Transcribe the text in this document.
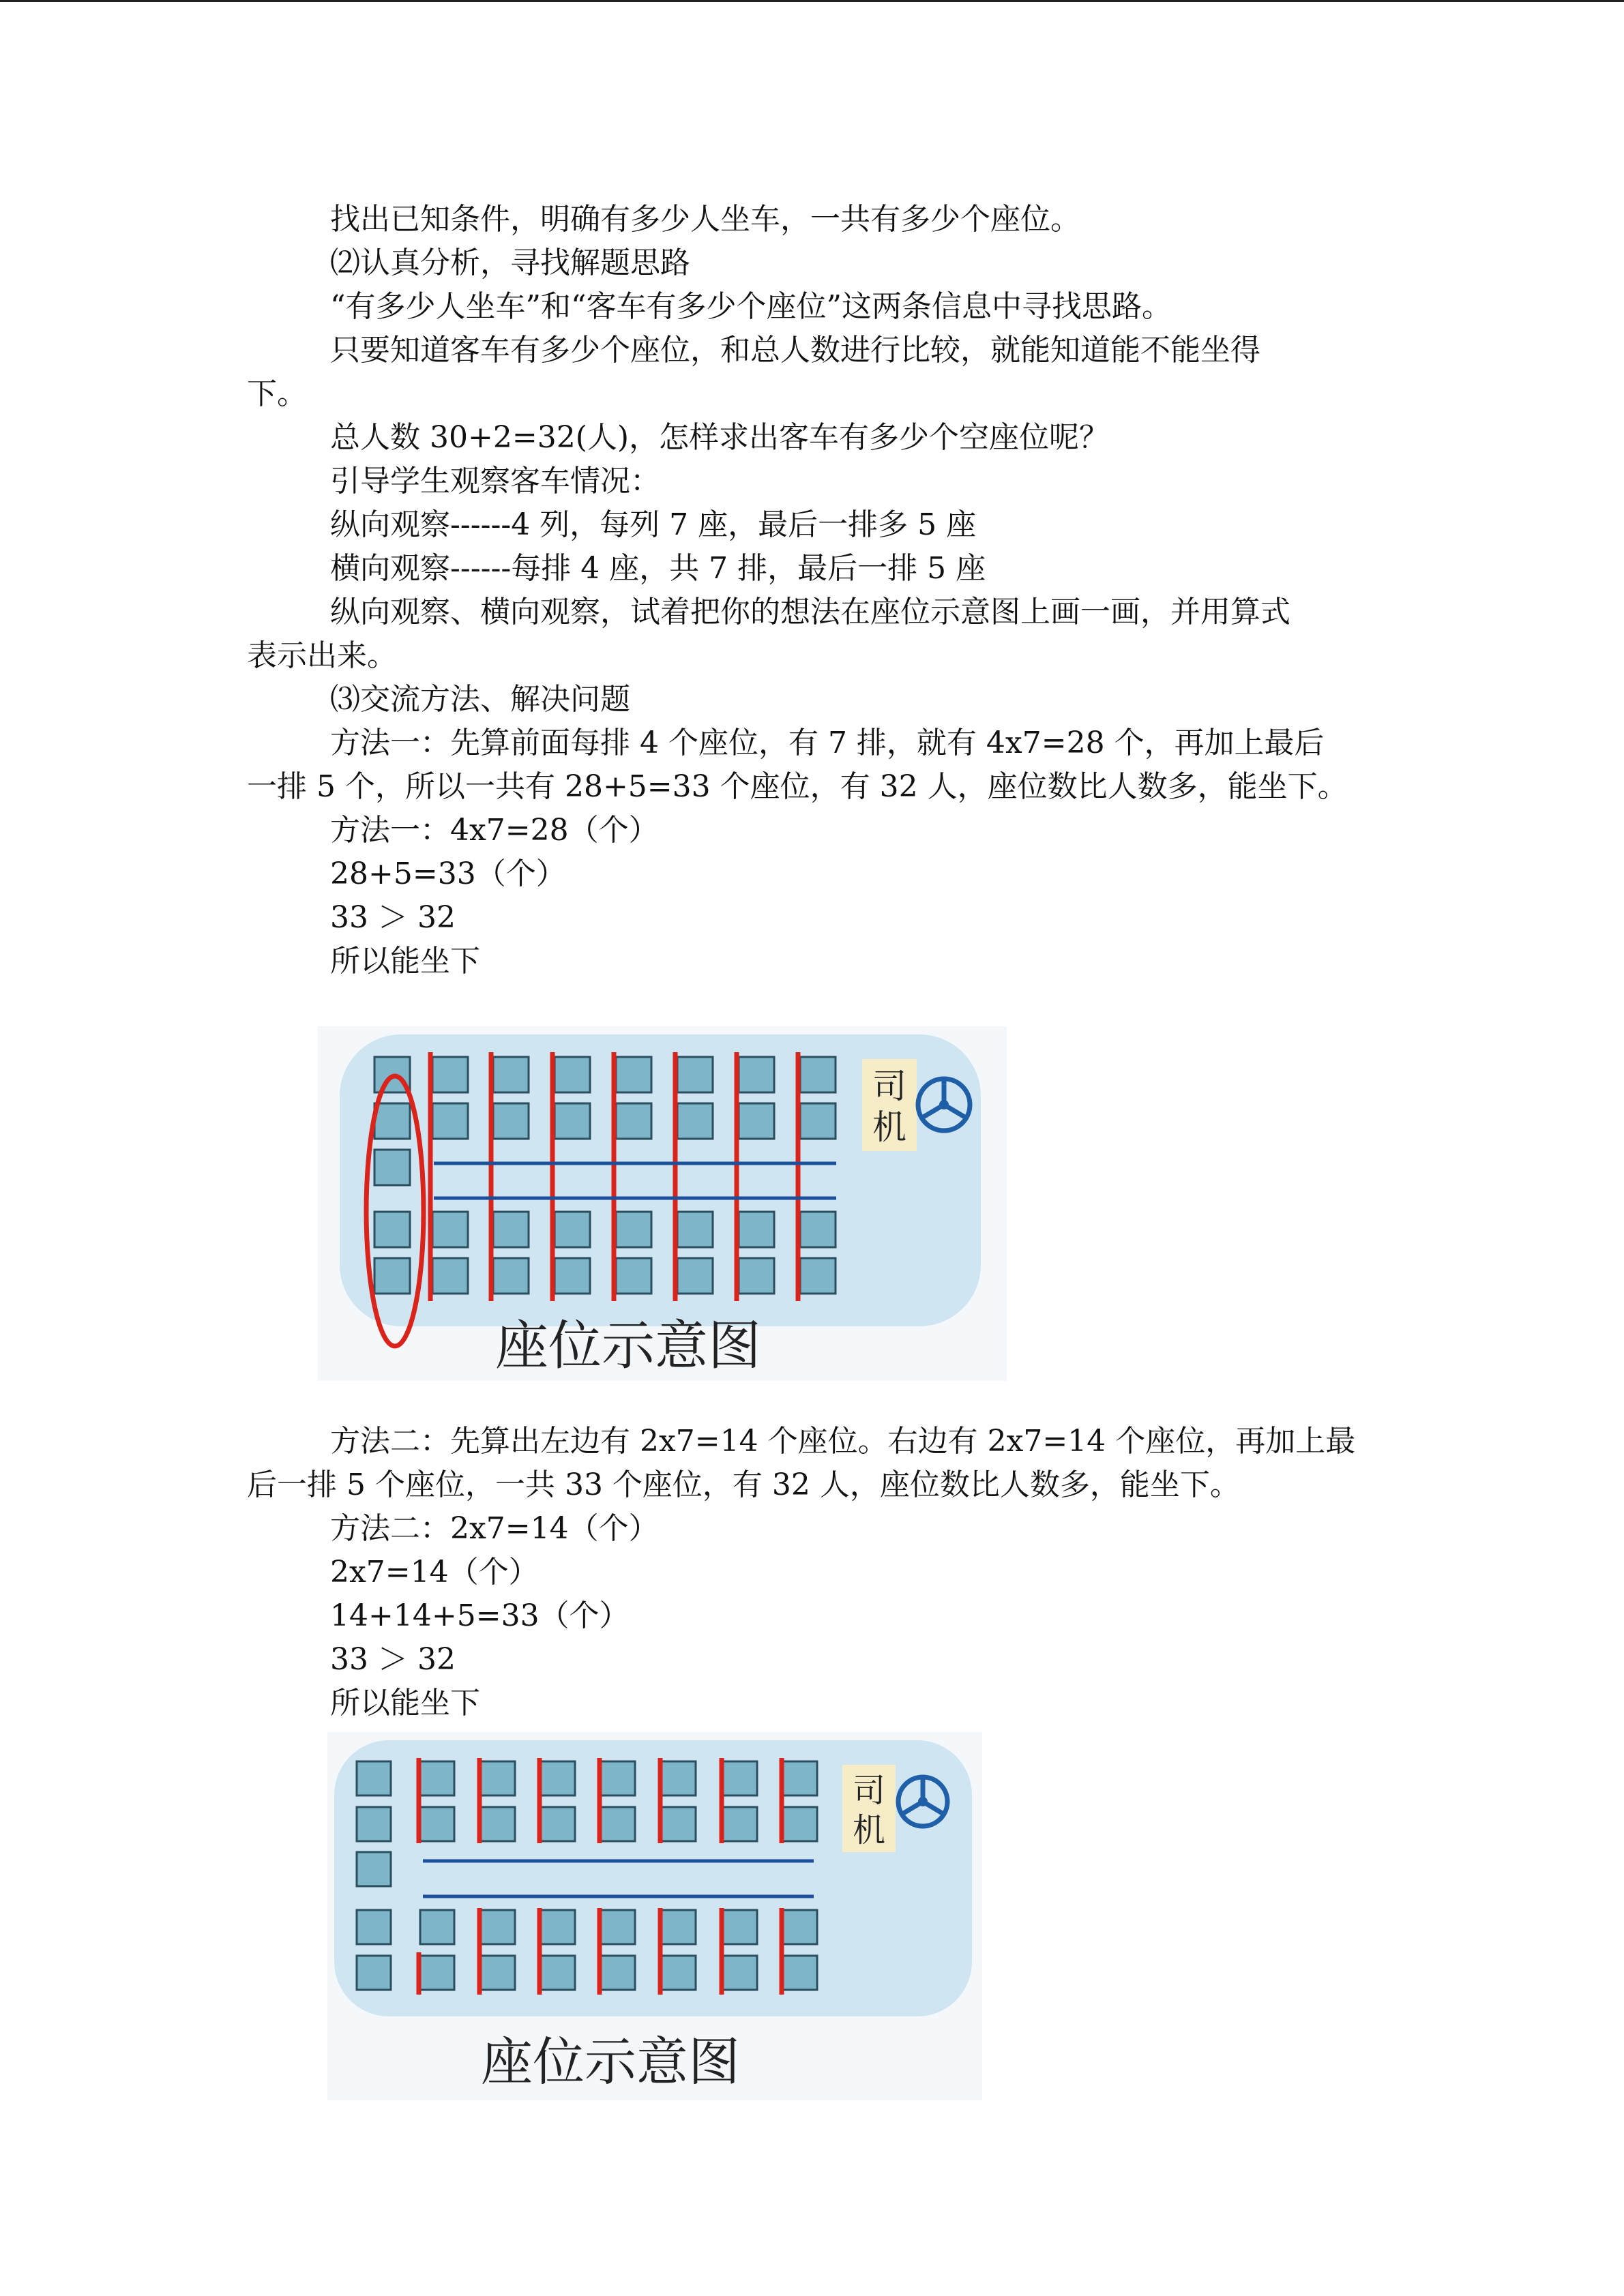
找出已知条件，明确有多少人坐车，一共有多少个座位。

⑵认真分析，寻找解题思路

“有多少人坐车”和“客车有多少个座位”这两条信息中寻找思路。

只要知道客车有多少个座位，和总人数进行比较，就能知道能不能坐得

下。

总人数 30+2=32(人)，怎样求出客车有多少个空座位呢？

引导学生观察客车情况：

纵向观察------4 列，每列 7 座，最后一排多 5 座

横向观察------每排 4 座，共 7 排，最后一排 5 座

纵向观察、横向观察，试着把你的想法在座位示意图上画一画，并用算式

表示出来。

⑶交流方法、解决问题

方法一：先算前面每排 4 个座位，有 7 排，就有 4x7=28 个，再加上最后

一排 5 个，所以一共有 28+5=33 个座位，有 32 人，座位数比人数多，能坐下。

方法一：4x7=28（个）

28+5=33（个）

33 ＞ 32

所以能坐下

方法二：先算出左边有 2x7=14 个座位。右边有 2x7=14 个座位，再加上最

后一排 5 个座位，一共 33 个座位，有 32 人，座位数比人数多，能坐下。

方法二：2x7=14（个）

2x7=14（个）

14+14+5=33（个）

33 ＞ 32

所以能坐下

司
机
座位示意图
司
机
座位示意图
